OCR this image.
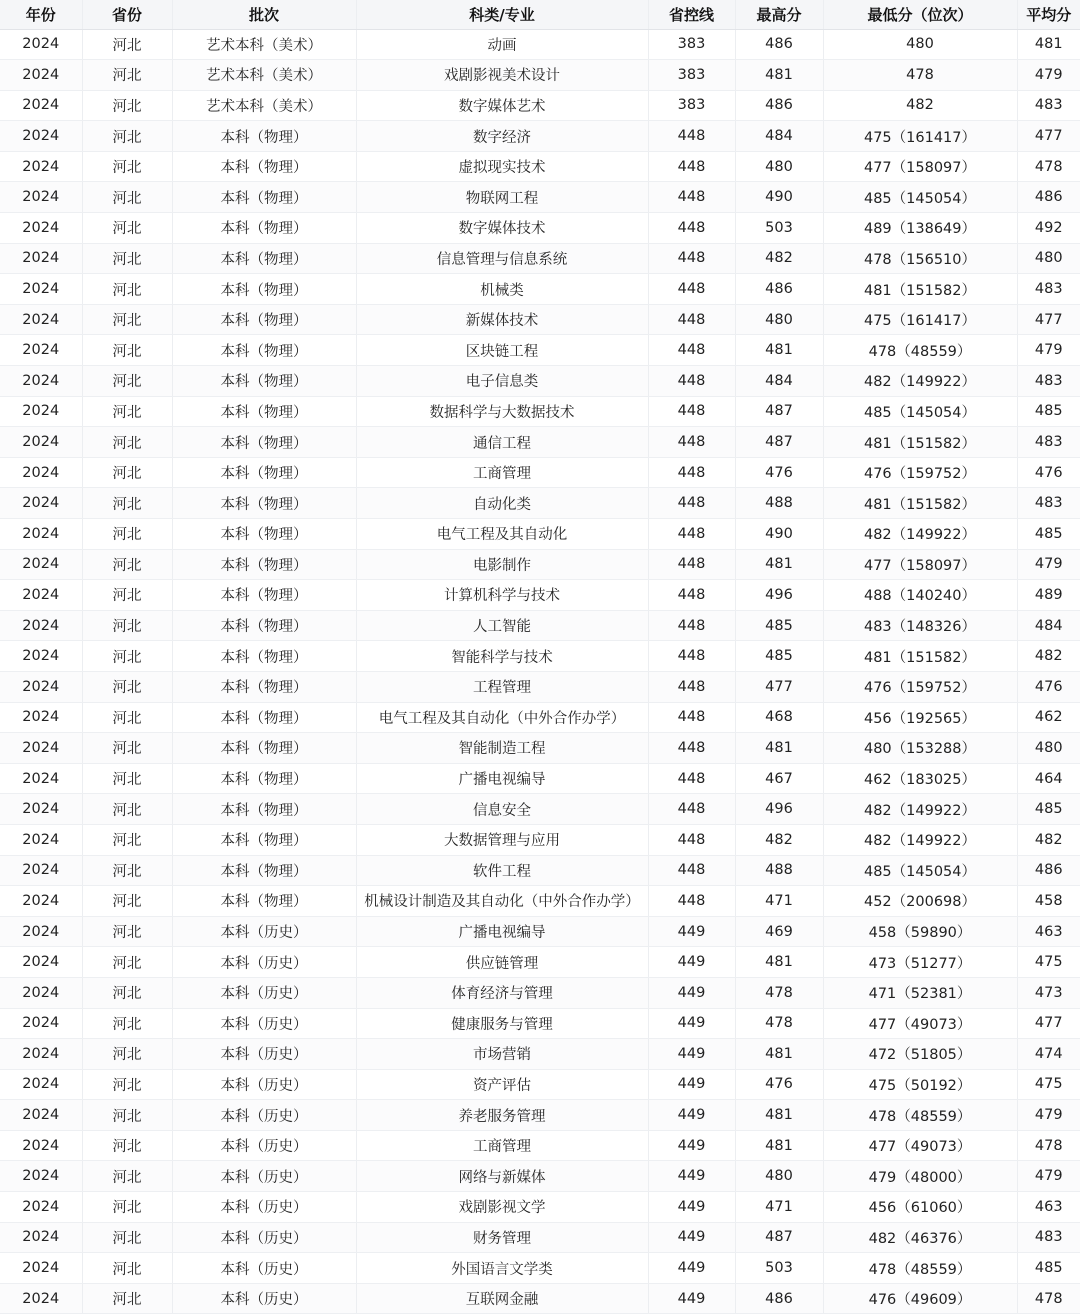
年份	省份	批次	科类/专业	省控线	最高分	最低分（位次）	平均分
2024	河北	艺术本科（美术）	动画	383	486	480	481
2024	河北	艺术本科（美术）	戏剧影视美术设计	383	481	478	479
2024	河北	艺术本科（美术）	数字媒体艺术	383	486	482	483
2024	河北	本科（物理）	数字经济	448	484	475（161417）	477
2024	河北	本科（物理）	虚拟现实技术	448	480	477（158097）	478
2024	河北	本科（物理）	物联网工程	448	490	485（145054）	486
2024	河北	本科（物理）	数字媒体技术	448	503	489（138649）	492
2024	河北	本科（物理）	信息管理与信息系统	448	482	478（156510）	480
2024	河北	本科（物理）	机械类	448	486	481（151582）	483
2024	河北	本科（物理）	新媒体技术	448	480	475（161417）	477
2024	河北	本科（物理）	区块链工程	448	481	478（48559）	479
2024	河北	本科（物理）	电子信息类	448	484	482（149922）	483
2024	河北	本科（物理）	数据科学与大数据技术	448	487	485（145054）	485
2024	河北	本科（物理）	通信工程	448	487	481（151582）	483
2024	河北	本科（物理）	工商管理	448	476	476（159752）	476
2024	河北	本科（物理）	自动化类	448	488	481（151582）	483
2024	河北	本科（物理）	电气工程及其自动化	448	490	482（149922）	485
2024	河北	本科（物理）	电影制作	448	481	477（158097）	479
2024	河北	本科（物理）	计算机科学与技术	448	496	488（140240）	489
2024	河北	本科（物理）	人工智能	448	485	483（148326）	484
2024	河北	本科（物理）	智能科学与技术	448	485	481（151582）	482
2024	河北	本科（物理）	工程管理	448	477	476（159752）	476
2024	河北	本科（物理）	电气工程及其自动化（中外合作办学）	448	468	456（192565）	462
2024	河北	本科（物理）	智能制造工程	448	481	480（153288）	480
2024	河北	本科（物理）	广播电视编导	448	467	462（183025）	464
2024	河北	本科（物理）	信息安全	448	496	482（149922）	485
2024	河北	本科（物理）	大数据管理与应用	448	482	482（149922）	482
2024	河北	本科（物理）	软件工程	448	488	485（145054）	486
2024	河北	本科（物理）	机械设计制造及其自动化（中外合作办学）	448	471	452（200698）	458
2024	河北	本科（历史）	广播电视编导	449	469	458（59890）	463
2024	河北	本科（历史）	供应链管理	449	481	473（51277）	475
2024	河北	本科（历史）	体育经济与管理	449	478	471（52381）	473
2024	河北	本科（历史）	健康服务与管理	449	478	477（49073）	477
2024	河北	本科（历史）	市场营销	449	481	472（51805）	474
2024	河北	本科（历史）	资产评估	449	476	475（50192）	475
2024	河北	本科（历史）	养老服务管理	449	481	478（48559）	479
2024	河北	本科（历史）	工商管理	449	481	477（49073）	478
2024	河北	本科（历史）	网络与新媒体	449	480	479（48000）	479
2024	河北	本科（历史）	戏剧影视文学	449	471	456（61060）	463
2024	河北	本科（历史）	财务管理	449	487	482（46376）	483
2024	河北	本科（历史）	外国语言文学类	449	503	478（48559）	485
2024	河北	本科（历史）	互联网金融	449	486	476（49609）	478
